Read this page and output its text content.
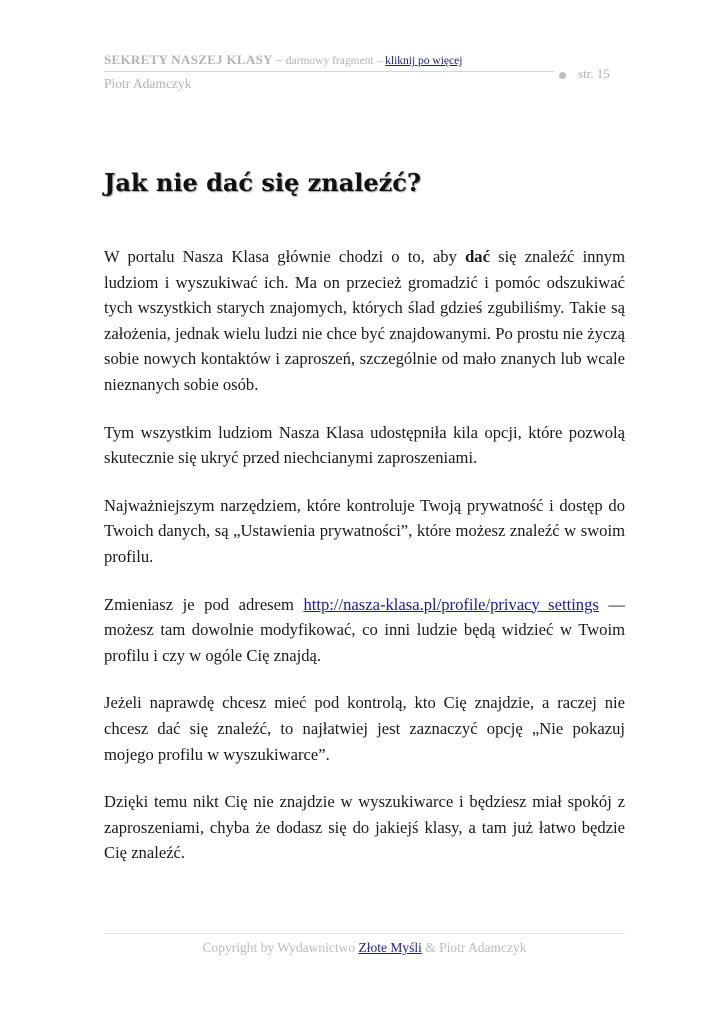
SEKRETY NASZEJ KLASY – darmowy fragment – kliknij po więcej
Piotr Adamczyk
str. 15
Jak nie dać się znaleźć?

W portalu Nasza Klasa głównie chodzi o to, aby dać się znaleźć innym ludziom i wyszukiwać ich. Ma on przecież gromadzić i pomóc odszukiwać tych wszystkich starych znajomych, których ślad gdzieś zgubiliśmy. Takie są założenia, jednak wielu ludzi nie chce być znajdowanymi. Po prostu nie życzą sobie nowych kontaktów i zaproszeń, szczególnie od mało znanych lub wcale nieznanych sobie osób.

Tym wszystkim ludziom Nasza Klasa udostępniła kila opcji, które pozwolą skutecznie się ukryć przed niechcianymi zaproszeniami.

Najważniejszym narzędziem, które kontroluje Twoją prywatność i dostęp do Twoich danych, są „Ustawienia prywatności”, które możesz znaleźć w swoim profilu.

Zmieniasz je pod adresem http://nasza-klasa.pl/profile/privacy_settings — możesz tam dowolnie modyfikować, co inni ludzie będą widzieć w Twoim profilu i czy w ogóle Cię znajdą.

Jeżeli naprawdę chcesz mieć pod kontrolą, kto Cię znajdzie, a raczej nie chcesz dać się znaleźć, to najłatwiej jest zaznaczyć opcję „Nie pokazuj mojego profilu w wyszukiwarce”.

Dzięki temu nikt Cię nie znajdzie w wyszukiwarce i będziesz miał spokój z zaproszeniami, chyba że dodasz się do jakiejś klasy, a tam już łatwo będzie Cię znaleźć.

Copyright by Wydawnictwo Złote Myśli & Piotr Adamczyk
